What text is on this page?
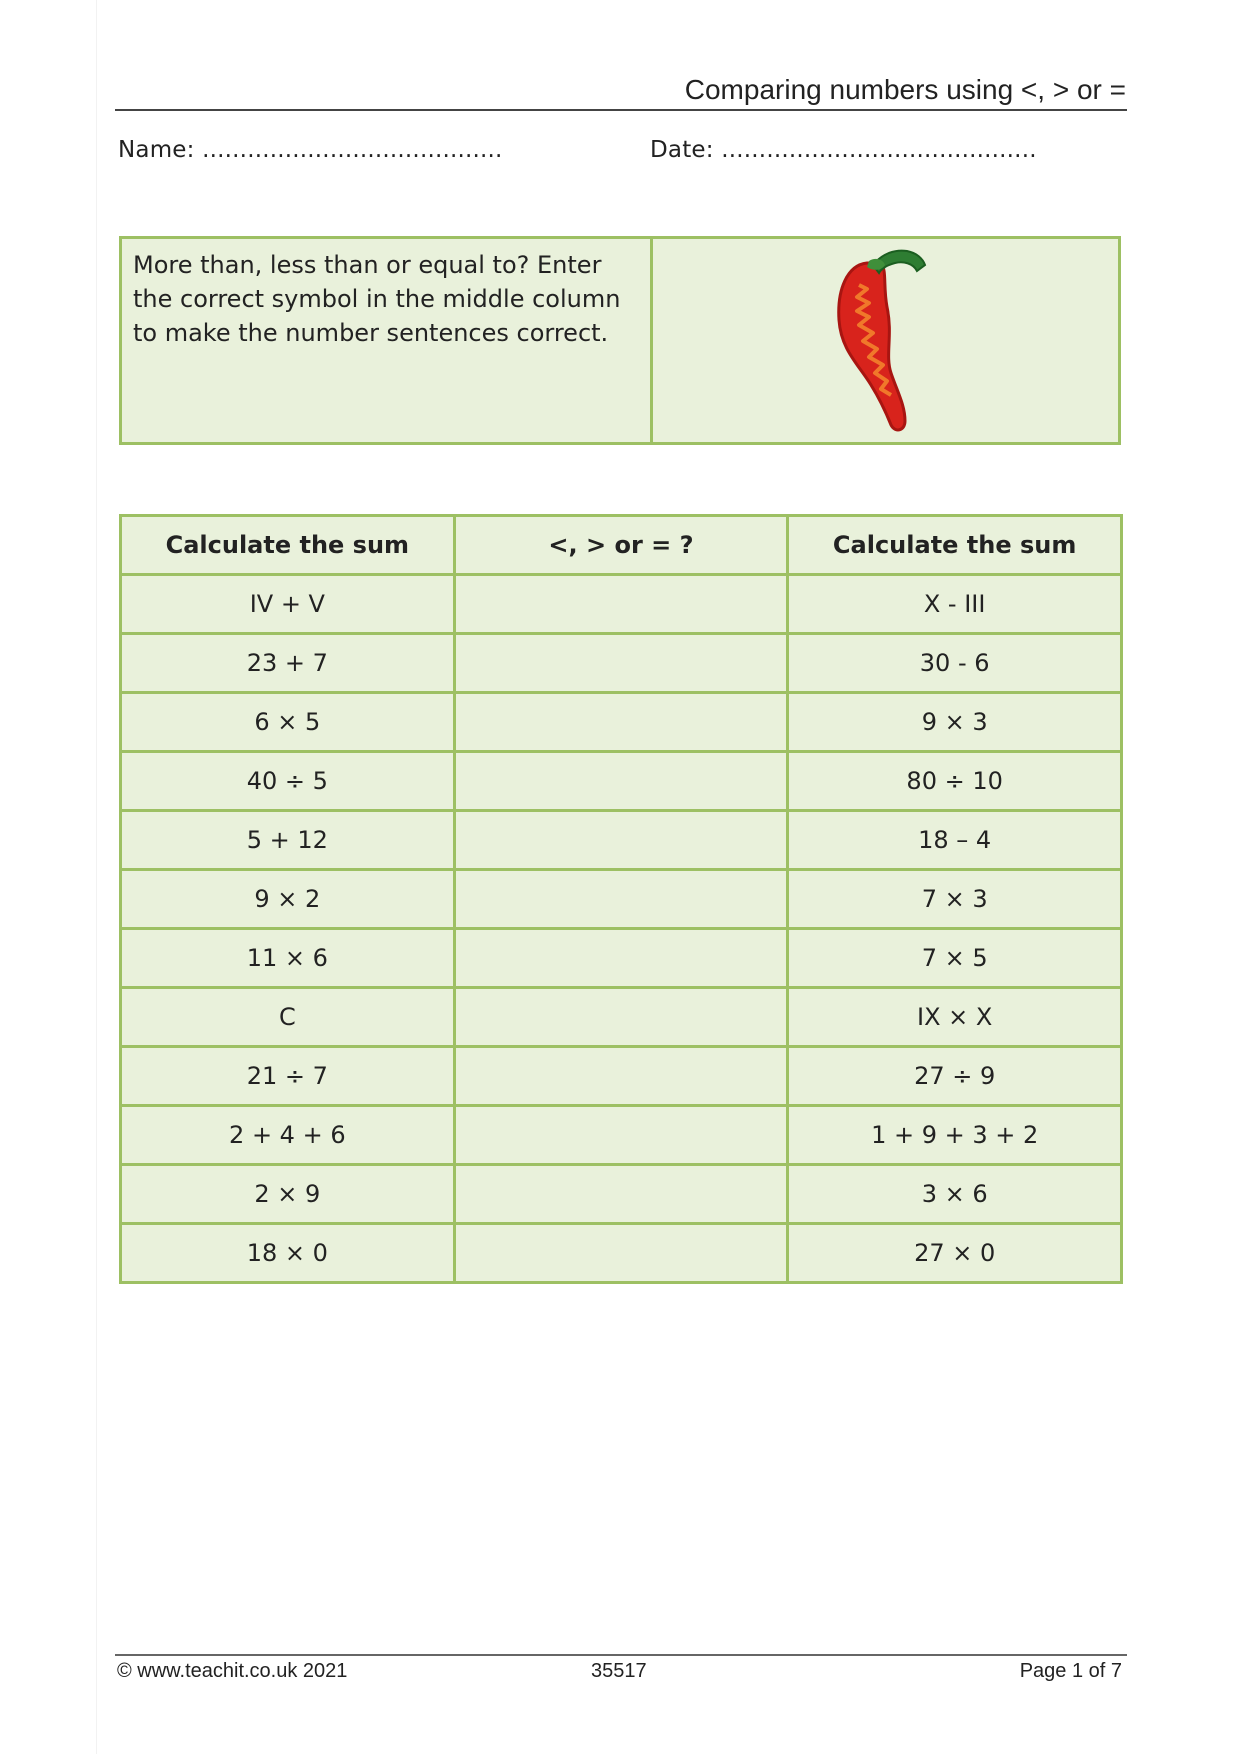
Comparing numbers using <, > or =
Name: ........................................	Date: ..........................................
More than, less than or equal to? Enter the correct symbol in the middle column to make the number sentences correct.
Calculate the sum	<, > or = ?	Calculate the sum
IV + V		X - III
23 + 7		30 - 6
6 × 5		9 × 3
40 ÷ 5		80 ÷ 10
5 + 12		18 – 4
9 × 2		7 × 3
11 × 6		7 × 5
C		IX × X
21 ÷ 7		27 ÷ 9
2 + 4 + 6		1 + 9 + 3 + 2
2 × 9		3 × 6
18 × 0		27 × 0
© www.teachit.co.uk 2021	35517	Page 1 of 7
